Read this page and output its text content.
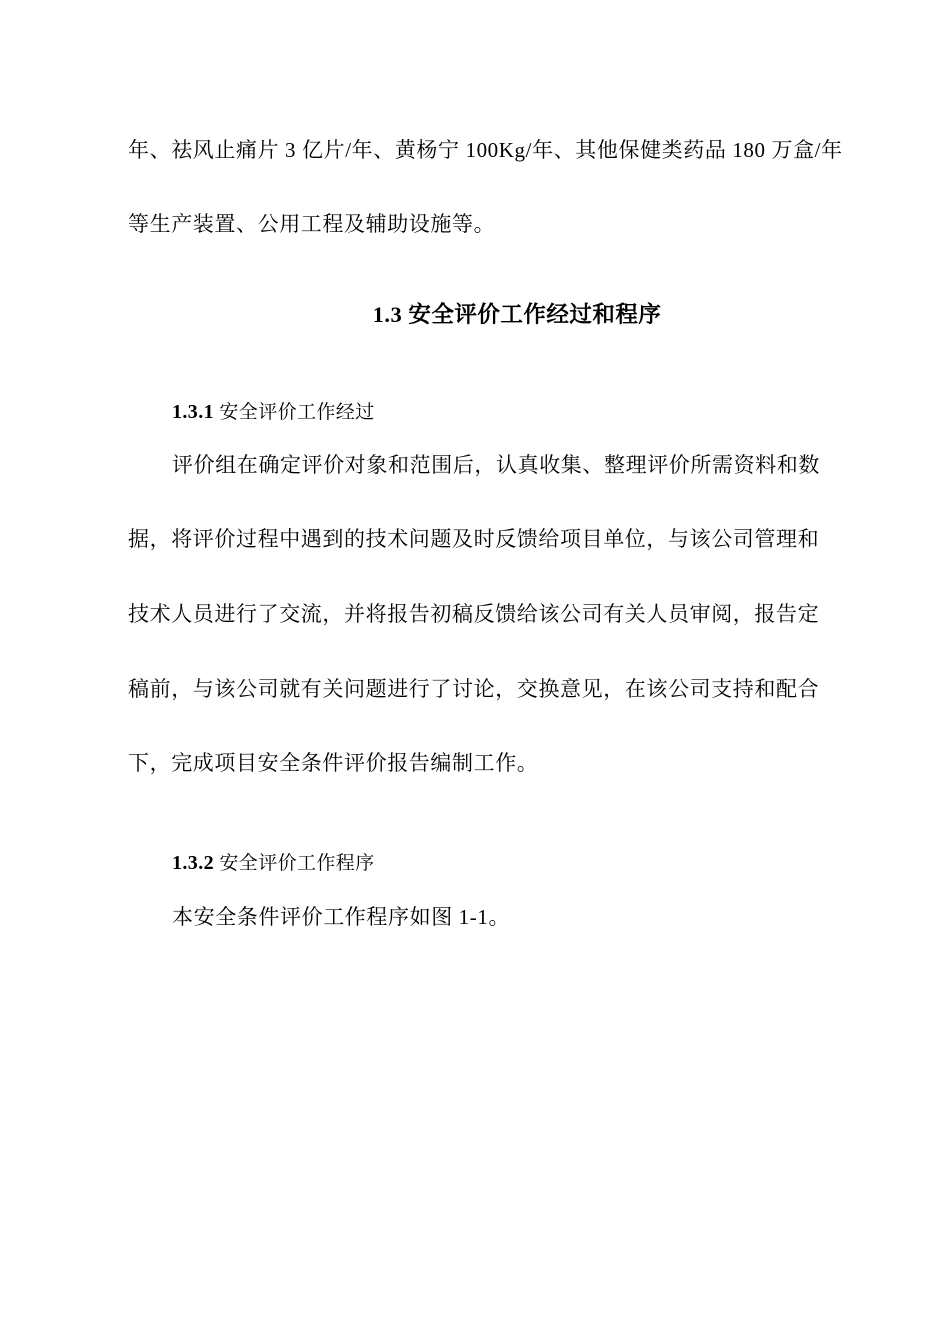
年、祛风止痛片 3 亿片/年、黄杨宁 100Kg/年、其他保健类药品 180 万盒/年
等生产装置、公用工程及辅助设施等。
1.3 安全评价工作经过和程序
1.3.1 安全评价工作经过
评价组在确定评价对象和范围后，认真收集、整理评价所需资料和数
据，将评价过程中遇到的技术问题及时反馈给项目单位，与该公司管理和
技术人员进行了交流，并将报告初稿反馈给该公司有关人员审阅，报告定
稿前，与该公司就有关问题进行了讨论，交换意见，在该公司支持和配合
下，完成项目安全条件评价报告编制工作。
1.3.2 安全评价工作程序
本安全条件评价工作程序如图 1-1。
